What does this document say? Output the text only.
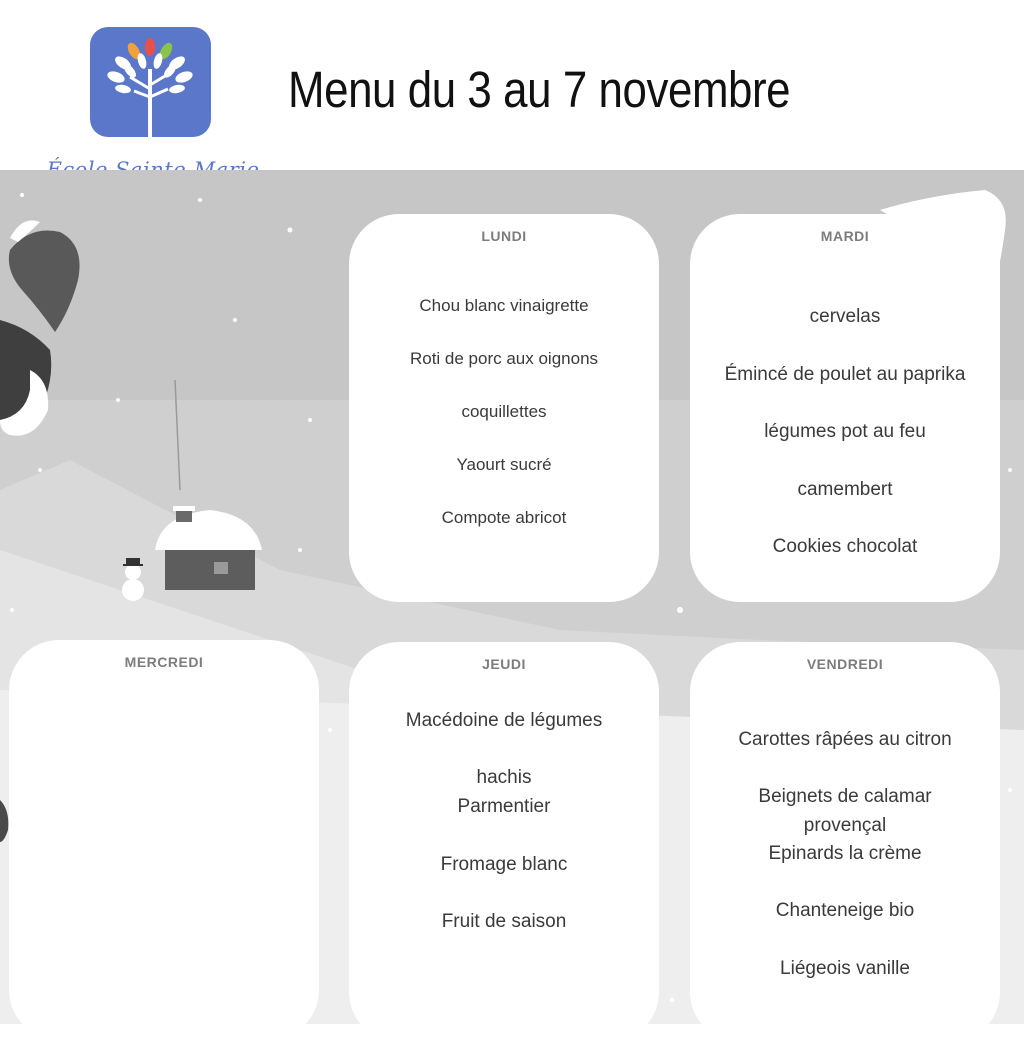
Menu du 3 au 7 novembre
LUNDI
Chou blanc vinaigrette
Roti de porc aux oignons
coquillettes
Yaourt sucré
Compote abricot
MARDI
cervelas
Émincé de poulet au paprika
légumes pot au feu
camembert
Cookies chocolat
MERCREDI	JEUDI
Macédoine de légumes
hachis
Parmentier
Fromage blanc
Fruit de saison
VENDREDI
Carottes râpées au citron
Beignets de calamar
provençal
Epinards la crème
Chanteneige bio
Liégeois vanille
